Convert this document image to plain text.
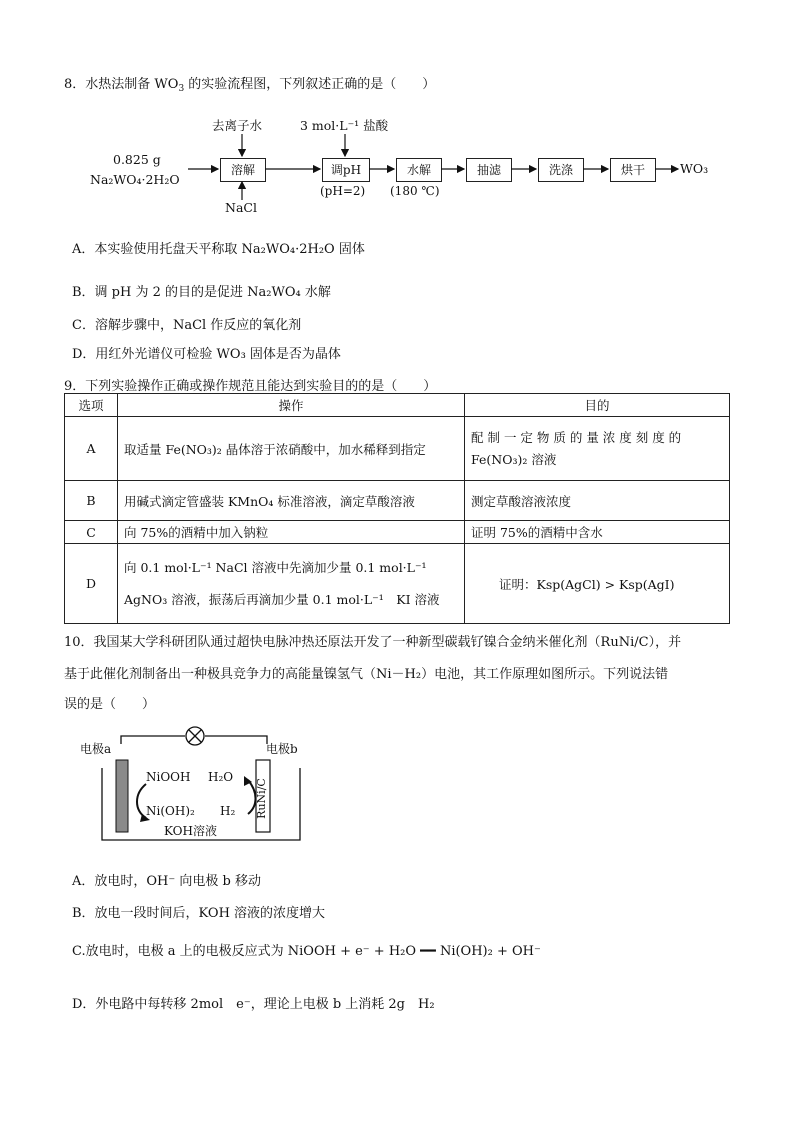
8．水热法制备 $WO_3$ 的实验流程图，下列叙述正确的是（　　）
0.825 g
Na₂WO₄·2H₂O
去离子水	3 mol·L⁻¹ 盐酸
NaCl
溶解	调pH	水解	抽滤	洗涤	烘干
(pH=2) (180 ℃)
WO₃
A．本实验使用托盘天平称取 Na₂WO₄·2H₂O 固体
B．调 pH 为 2 的目的是促进 Na₂WO₄ 水解
C．溶解步骤中，NaCl 作反应的氧化剂
D．用红外光谱仪可检验 WO₃ 固体是否为晶体
9．下列实验操作正确或操作规范且能达到实验目的的是（　　）
选项	操作	目的
A	取适量 Fe(NO₃)₂ 晶体溶于浓硝酸中，加水稀释到指定	配 制 一 定 物 质 的 量 浓 度 刻 度 的
Fe(NO₃)₂ 溶液

B	用碱式滴定管盛装 KMnO₄ 标准溶液，滴定草酸溶液	测定草酸溶液浓度
C	向 75%的酒精中加入钠粒	证明 75%的酒精中含水
D	向 0.1 mol·L⁻¹ NaCl 溶液中先滴加少量 0.1 mol·L⁻¹
AgNO₃ 溶液，振荡后再滴加少量 0.1 mol·L⁻¹　KI 溶液	证明：Ksp(AgCl) > Ksp(AgI)
10．我国某大学科研团队通过超快电脉冲热还原法开发了一种新型碳载钌镍合金纳米催化剂（RuNi/C），并
基于此催化剂制备出一种极具竞争力的高能量镍氢气（Ni－H₂）电池，其工作原理如图所示。下列说法错
误的是（　　）
电极a	电极b
NiOOH
Ni(OH)₂
H₂O
H₂
KOH溶液
RuNi/C
A．放电时，OH⁻ 向电极 b 移动
B．放电一段时间后，KOH 溶液的浓度增大
C.放电时，电极 a 上的电极反应式为 NiOOH + e⁻ + H₂O ━━ Ni(OH)₂ + OH⁻
D．外电路中每转移 2mol　e⁻，理论上电极 b 上消耗 2g　H₂
